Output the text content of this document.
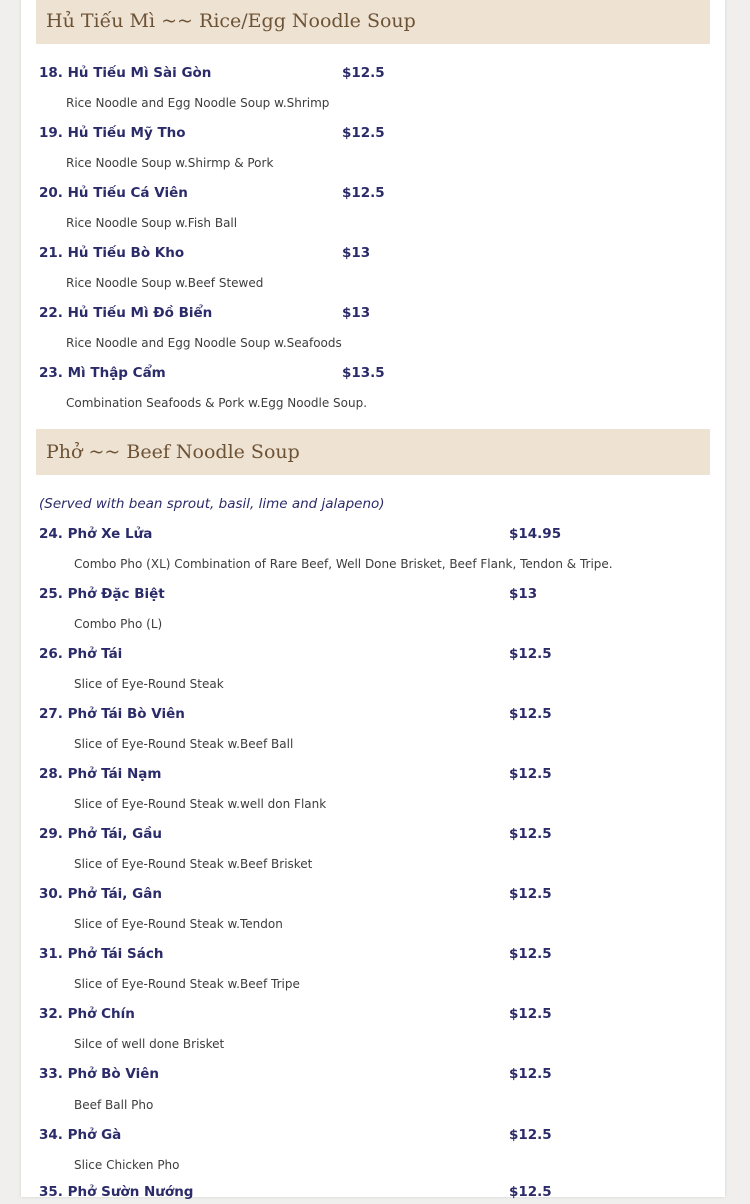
Hủ Tiếu Mì ~~ Rice/Egg Noodle Soup
18. Hủ Tiếu Mì Sài Gòn	$12.5
Rice Noodle and Egg Noodle Soup w.Shrimp
19. Hủ Tiếu Mỹ Tho	$12.5
Rice Noodle Soup w.Shirmp & Pork
20. Hủ Tiếu Cá Viên	$12.5
Rice Noodle Soup w.Fish Ball
21. Hủ Tiếu Bò Kho	$13
Rice Noodle Soup w.Beef Stewed
22. Hủ Tiếu Mì Đồ Biển	$13
Rice Noodle and Egg Noodle Soup w.Seafoods
23. Mì Thập Cẩm	$13.5
Combination Seafoods & Pork w.Egg Noodle Soup.
Phở ~~ Beef Noodle Soup
(Served with bean sprout, basil, lime and jalapeno)
24. Phở Xe Lửa	$14.95
Combo Pho (XL) Combination of Rare Beef, Well Done Brisket, Beef Flank, Tendon & Tripe.
25. Phở Đặc Biệt	$13
Combo Pho (L)
26. Phở Tái	$12.5
Slice of Eye-Round Steak
27. Phở Tái Bò Viên	$12.5
Slice of Eye-Round Steak w.Beef Ball
28. Phở Tái Nạm	$12.5
Slice of Eye-Round Steak w.well don Flank
29. Phở Tái, Gầu	$12.5
Slice of Eye-Round Steak w.Beef Brisket
30. Phở Tái, Gân	$12.5
Slice of Eye-Round Steak w.Tendon
31. Phở Tái Sách	$12.5
Slice of Eye-Round Steak w.Beef Tripe
32. Phở Chín	$12.5
Silce of well done Brisket
33. Phở Bò Viên	$12.5
Beef Ball Pho
34. Phở Gà	$12.5
Slice Chicken Pho
35. Phở Sườn Nướng	$12.5
